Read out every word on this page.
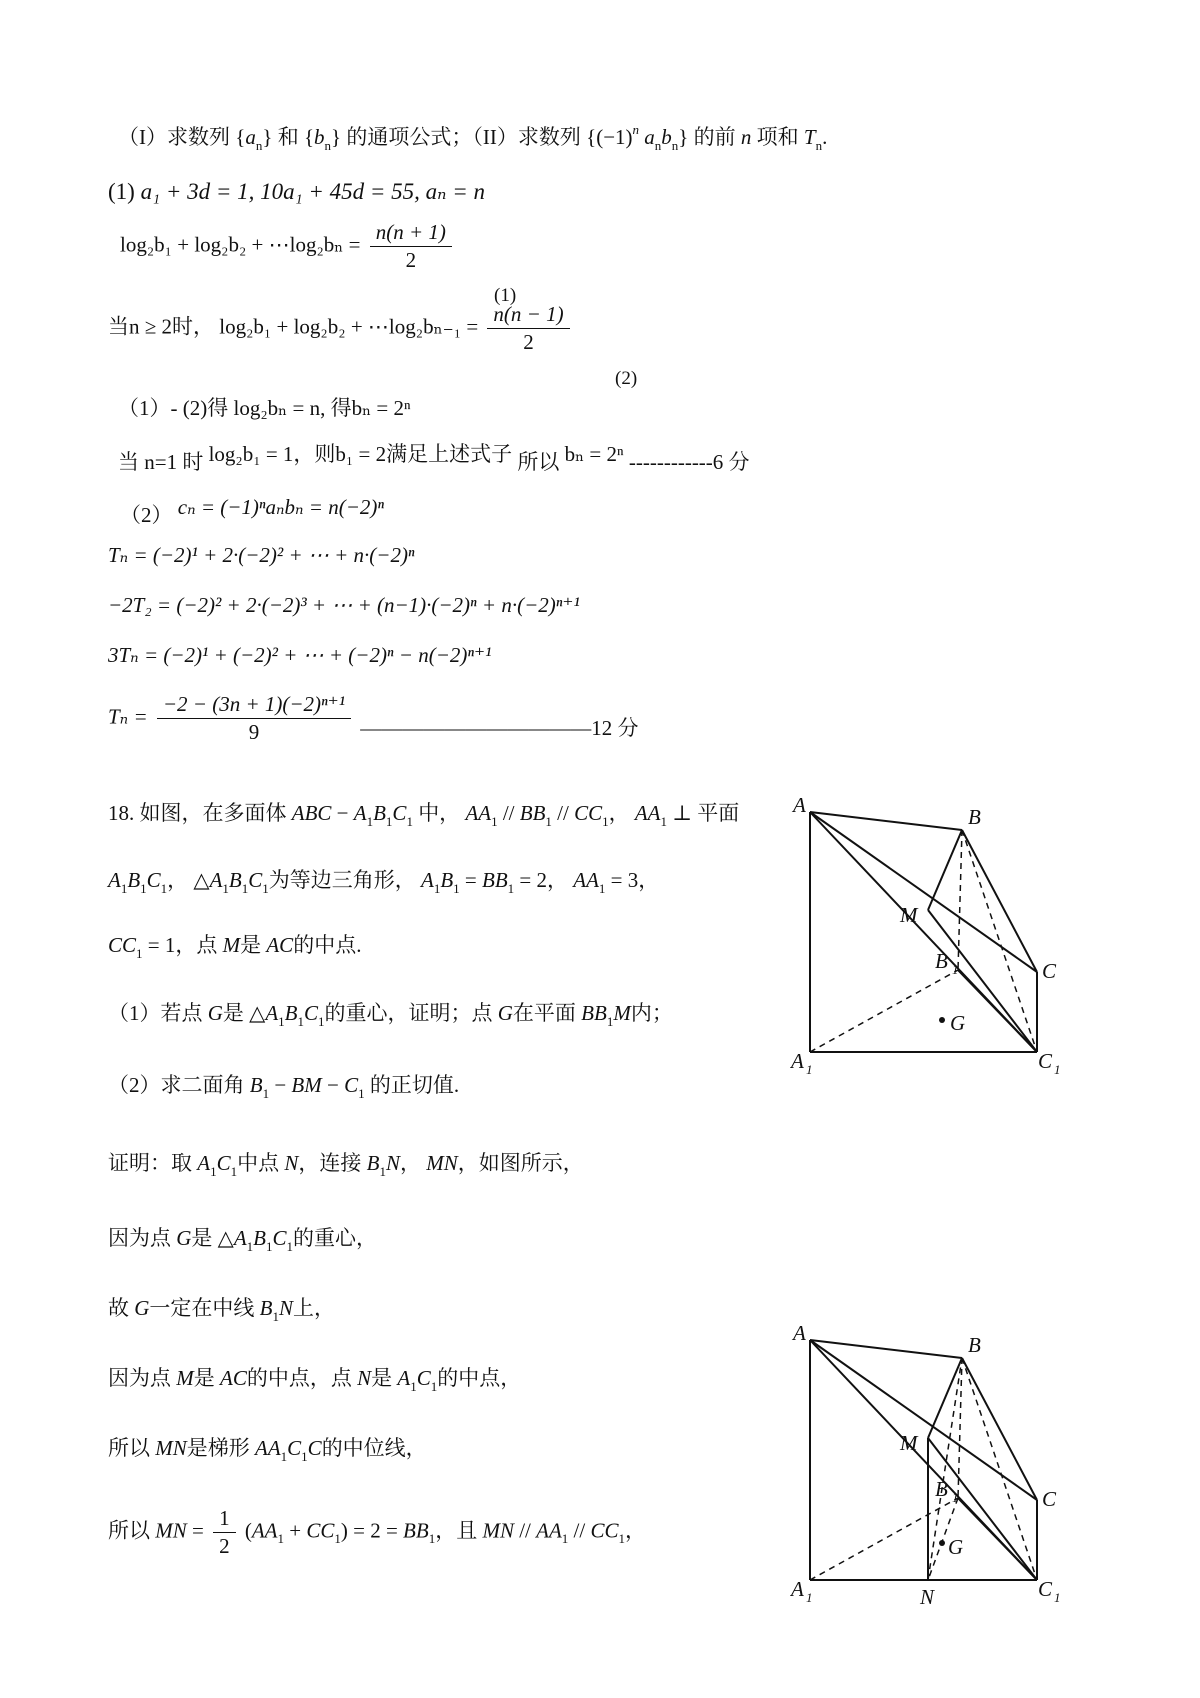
（I）求数列 $\{a_n\}$ 和 $\{b_n\}$ 的通项公式；（II）求数列 {$(-1)^n$ $a_nb_n$} 的前 n 项和 $T_n$.
(1) a₁ + 3d = 1, 10a₁ + 45d = 55, aₙ = n
log₂b₁ + log₂b₂ + ⋯log₂bₙ = $\frac{n(n + 1)}{2}$
(1)
当n ≥ 2时， log₂b₁ + log₂b₂ + ⋯log₂bₙ₋₁ = $\frac{n(n - 1)}{2}$
(2)
（1）- (2)得 log₂bₙ = n, 得bₙ = 2ⁿ
当 n=1 时 log₂b₁ = 1，则b₁ = 2满足上述式子 所以 bₙ = 2ⁿ ------------6 分
（2） cₙ = (−1)ⁿaₙbₙ = n(−2)ⁿ
Tₙ = (−2)¹ + 2·(−2)² + ⋯ + n·(−2)ⁿ
−2T₂ = (−2)² + 2·(−2)³ + ⋯ + (n−1)·(−2)ⁿ + n·(−2)ⁿ⁺¹
3Tₙ = (−2)¹ + (−2)² + ⋯ + (−2)ⁿ − n(−2)ⁿ⁺¹
$T_n = \frac{\text{−2 − (3n + 1)(−2)ⁿ⁺¹}}{9}$ ———————————12 分
18. 如图，在多面体 ABC − $A_1B_1C_1$ 中， $AA_1 // BB_1 // CC_1$， $AA_1$ ⊥ 平面
$A_1B_1C_1$， $\triangle A_1B_1C_1$为等边三角形， $A_1B_1 = BB_1 = 2$， $AA_1 = 3$，
$CC_1 = 1$，点 M是 AC的中点.
（1）若点 G是 $\triangle A_1B_1C_1$的重心，证明；点 G在平面 $BB_1M$内；
（2）求二面角 $B_1$ − BM − $C_1$ 的正切值.
证明：取 $A_1C_1$中点 N，连接 $B_1N$， MN，如图所示，
因为点 G是 $\triangle A_1B_1C_1$的重心，
故 G一定在中线 $B_1N$上，
因为点 M是 AC的中点，点 N是 $A_1C_1$的中点，
所以 MN是梯形 $AA_1C_1C$的中位线，
所以 MN = $\frac{1}{2} (AA_1 + CC_1) = 2 = BB_1$，且 MN // $AA_1 // CC_1$，
A	B
M
B 1	C
G
A 1	C 1
A	B
M
B 1	C
G
A 1	N	C 1
